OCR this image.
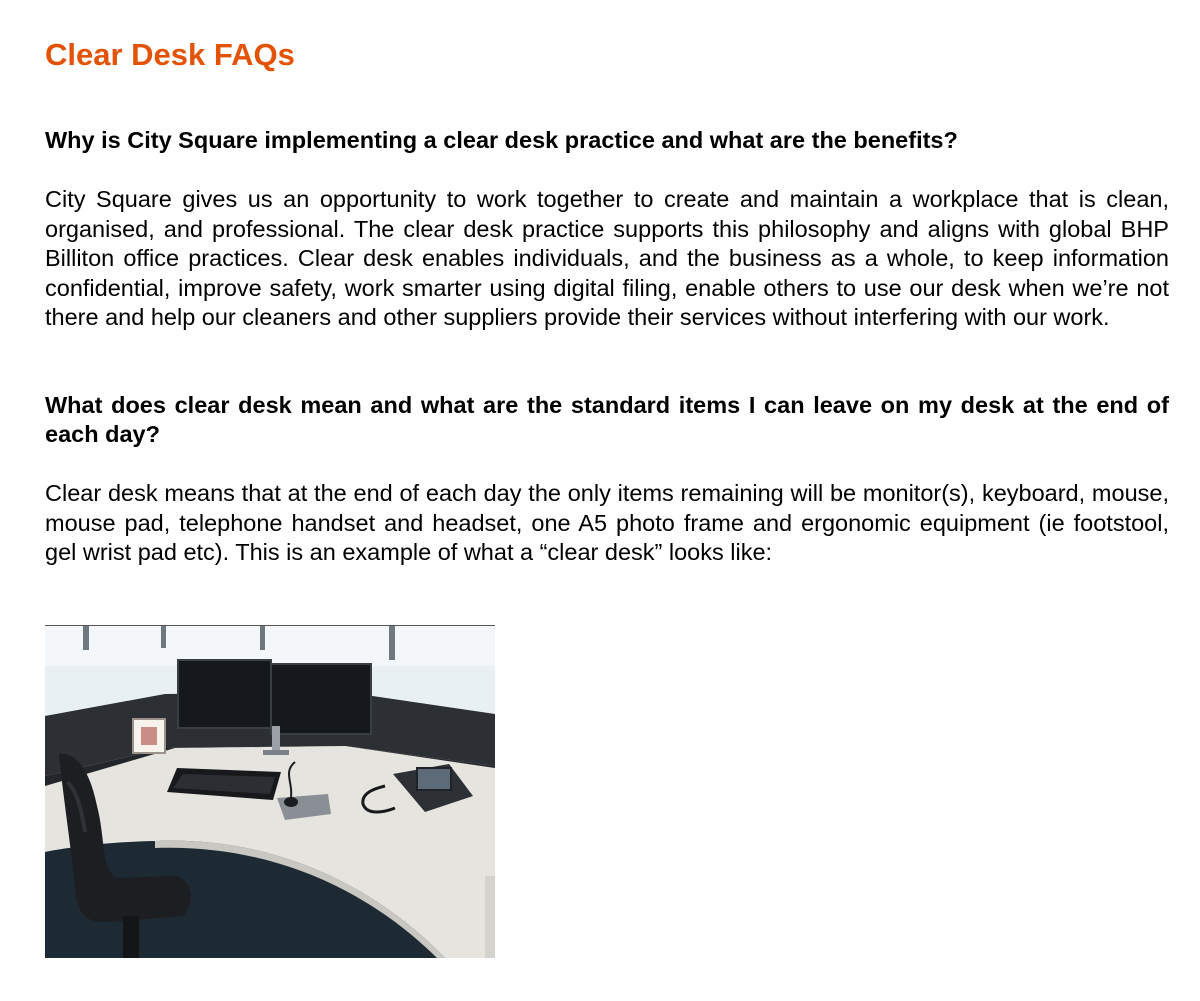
Clear Desk FAQs

Why is City Square implementing a clear desk practice and what are the benefits?

City Square gives us an opportunity to work together to create and maintain a workplace that is clean, organised, and professional. The clear desk practice supports this philosophy and aligns with global BHP Billiton office practices. Clear desk enables individuals, and the business as a whole, to keep information confidential, improve safety, work smarter using digital filing, enable others to use our desk when we’re not there and help our cleaners and other suppliers provide their services without interfering with our work.

What does clear desk mean and what are the standard items I can leave on my desk at the end of each day?

Clear desk means that at the end of each day the only items remaining will be monitor(s), keyboard, mouse, mouse pad, telephone handset and headset, one A5 photo frame and ergonomic equipment (ie footstool, gel wrist pad etc). This is an example of what a “clear desk” looks like:
